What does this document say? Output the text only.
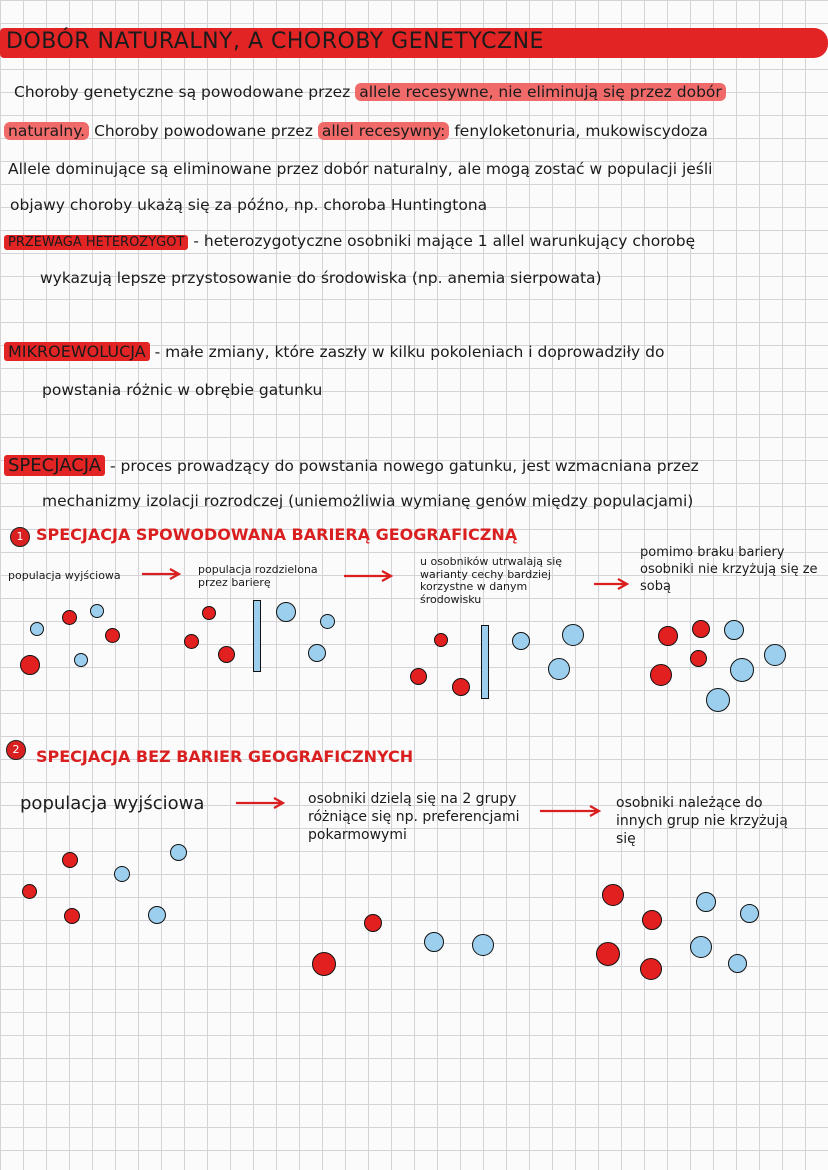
DOBÓR NATURALNY, A CHOROBY GENETYCZNE
Choroby genetyczne są powodowane przez allele recesywne, nie eliminują się przez dobór
naturalny. Choroby powodowane przez allel recesywny: fenyloketonuria, mukowiscydoza
Allele dominujące są eliminowane przez dobór naturalny, ale mogą zostać w populacji jeśli
objawy choroby ukażą się za późno, np. choroba Huntingtona
PRZEWAGA HETEROZYGOT - heterozygotyczne osobniki mające 1 allel warunkujący chorobę
wykazują lepsze przystosowanie do środowiska (np. anemia sierpowata)
MIKROEWOLUCJA - małe zmiany, które zaszły w kilku pokoleniach i doprowadziły do
powstania różnic w obrębie gatunku
SPECJACJA - proces prowadzący do powstania nowego gatunku, jest wzmacniana przez
mechanizmy izolacji rozrodczej (uniemożliwia wymianę genów między populacjami)
1 SPECJACJA SPOWODOWANA BARIERĄ GEOGRAFICZNĄ
populacja wyjściowa	populacja rozdzielona przez barierę
u osobników utrwalają się warianty cechy bardziej korzystne w danym środowisku
pomimo braku bariery osobniki nie krzyżują się ze sobą
2	SPECJACJA BEZ BARIER GEOGRAFICZNYCH
populacja wyjściowa	osobniki dzielą się na 2 grupy różniące się np. preferencjami pokarmowymi
osobniki należące do innych grup nie krzyżują się
